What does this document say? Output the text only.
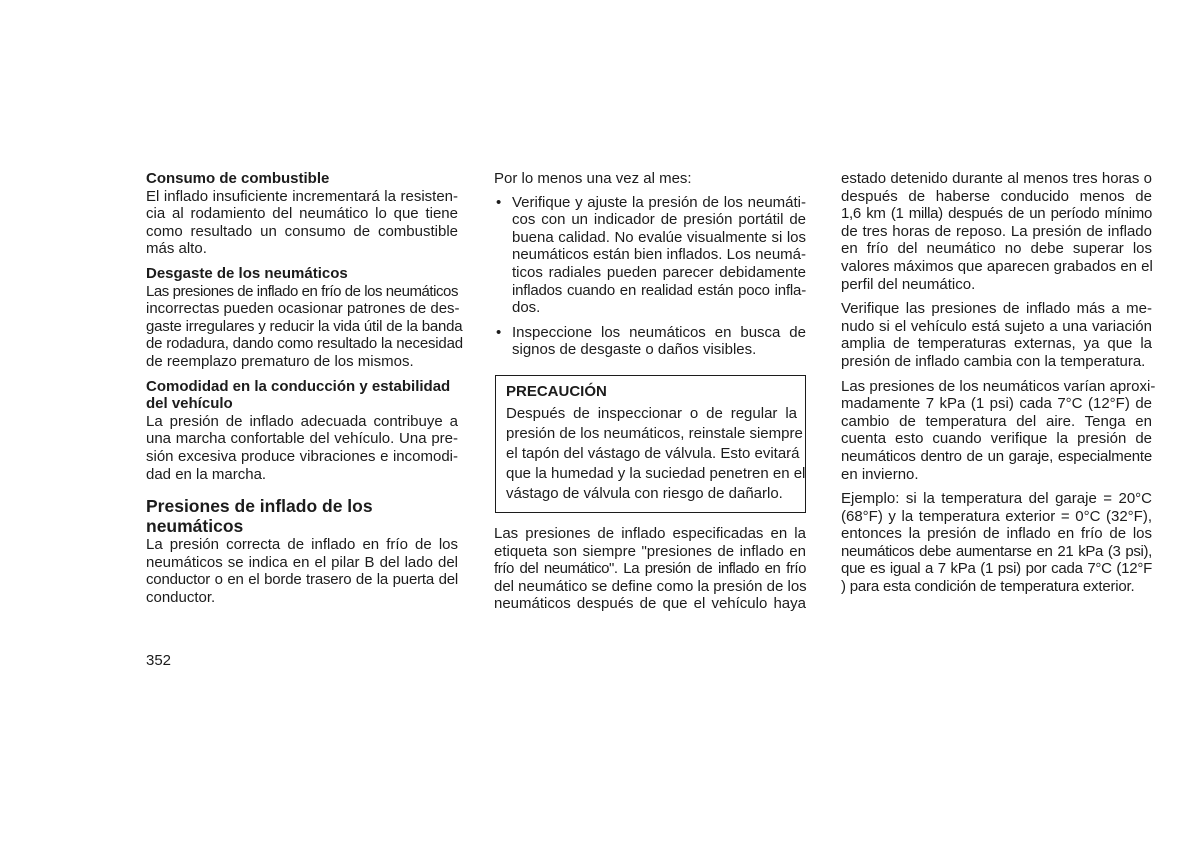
Consumo de combustible
El inflado insuficiente incrementará la resisten-
cia al rodamiento del neumático lo que tiene
como resultado un consumo de combustible
más alto.
Desgaste de los neumáticos
Las presiones de inflado en frío de los neumáticos
incorrectas pueden ocasionar patrones de des-
gaste irregulares y reducir la vida útil de la banda
de rodadura, dando como resultado la necesidad
de reemplazo prematuro de los mismos.
Comodidad en la conducción y estabilidad
del vehículo
La presión de inflado adecuada contribuye a
una marcha confortable del vehículo. Una pre-
sión excesiva produce vibraciones e incomodi-
dad en la marcha.
Presiones de inflado de los
neumáticos
La presión correcta de inflado en frío de los
neumáticos se indica en el pilar B del lado del
conductor o en el borde trasero de la puerta del
conductor.
Por lo menos una vez al mes:
• Verifique y ajuste la presión de los neumáti-
cos con un indicador de presión portátil de
buena calidad. No evalúe visualmente si los
neumáticos están bien inflados. Los neumá-
ticos radiales pueden parecer debidamente
inflados cuando en realidad están poco infla-
dos.
• Inspeccione los neumáticos en busca de
signos de desgaste o daños visibles.
PRECAUCIÓN
Después de inspeccionar o de regular la
presión de los neumáticos, reinstale siempre
el tapón del vástago de válvula. Esto evitará
que la humedad y la suciedad penetren en el
vástago de válvula con riesgo de dañarlo.
Las presiones de inflado especificadas en la
etiqueta son siempre "presiones de inflado en
frío del neumático". La presión de inflado en frío
del neumático se define como la presión de los
neumáticos después de que el vehículo haya
estado detenido durante al menos tres horas o
después de haberse conducido menos de
1,6 km (1 milla) después de un período mínimo
de tres horas de reposo. La presión de inflado
en frío del neumático no debe superar los
valores máximos que aparecen grabados en el
perfil del neumático.
Verifique las presiones de inflado más a me-
nudo si el vehículo está sujeto a una variación
amplia de temperaturas externas, ya que la
presión de inflado cambia con la temperatura.
Las presiones de los neumáticos varían aproxi-
madamente 7 kPa (1 psi) cada 7°C (12°F) de
cambio de temperatura del aire. Tenga en
cuenta esto cuando verifique la presión de
neumáticos dentro de un garaje, especialmente
en invierno.
Ejemplo: si la temperatura del garaje = 20°C
(68°F) y la temperatura exterior = 0°C (32°F),
entonces la presión de inflado en frío de los
neumáticos debe aumentarse en 21 kPa (3 psi),
que es igual a 7 kPa (1 psi) por cada 7°C (12°F
) para esta condición de temperatura exterior.
352
